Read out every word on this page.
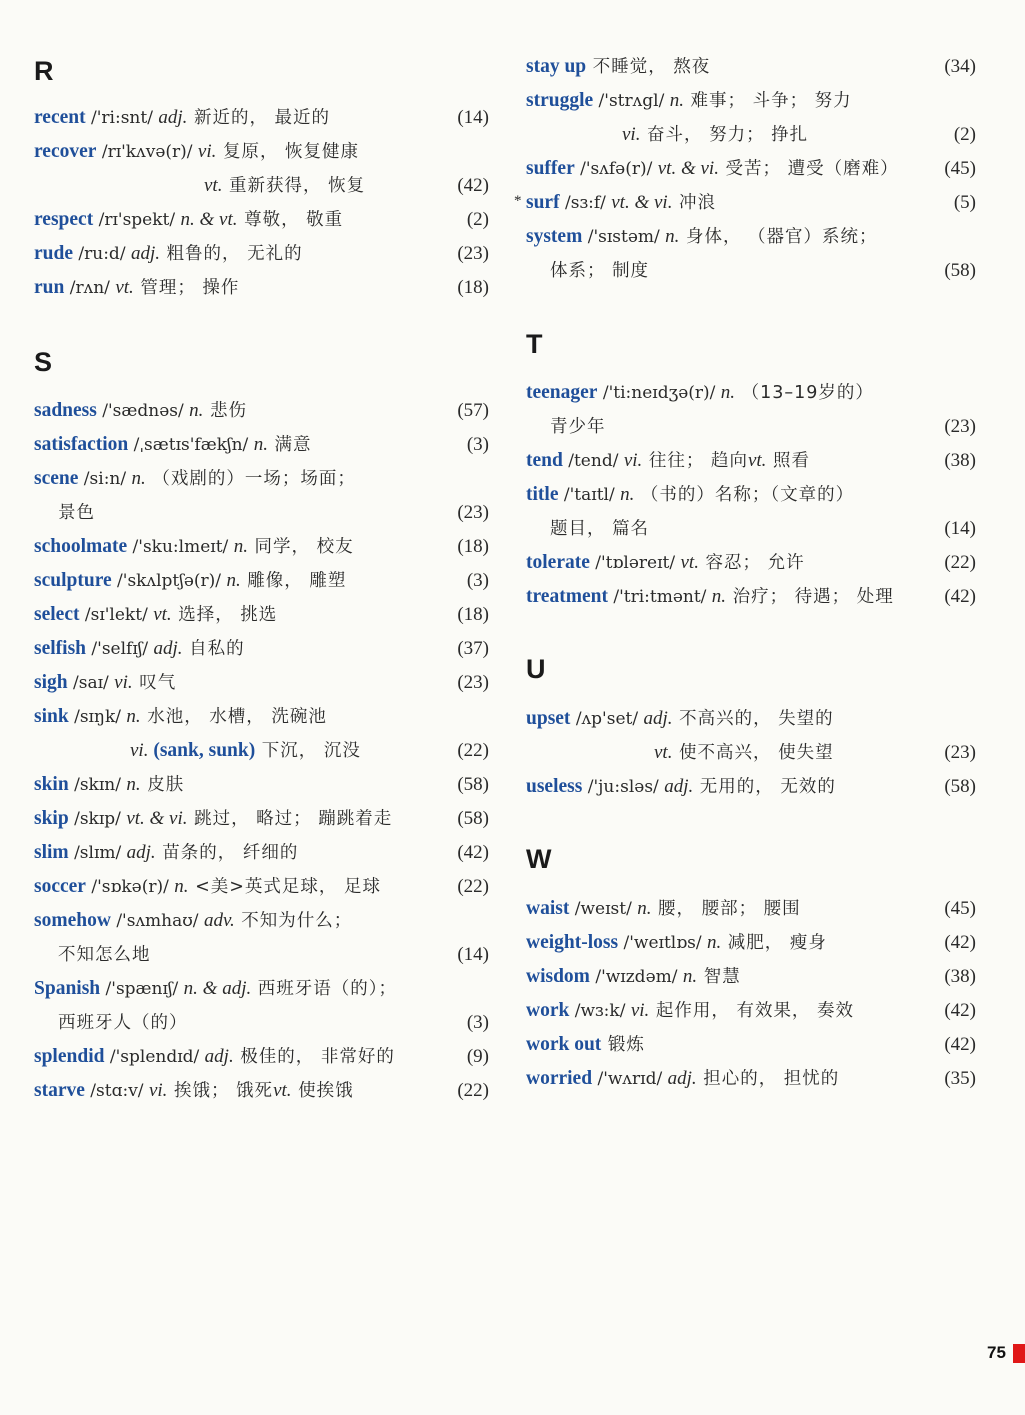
R
recent /'ri:snt/ adj. 新近的， 最近的	(14)
recover /rɪ'kʌvə(r)/ vi. 复原， 恢复健康
vt. 重新获得， 恢复	(42)
respect /rɪ'spekt/ n. & vt. 尊敬， 敬重	(2)
rude /ru:d/ adj. 粗鲁的， 无礼的	(23)
run /rʌn/ vt. 管理； 操作	(18)
S
sadness /'sædnəs/ n. 悲伤	(57)
satisfaction /ˌsætɪs'fækʃn/ n. 满意	(3)
scene /si:n/ n. （戏剧的）一场；场面；
景色	(23)
schoolmate /'sku:lmeɪt/ n. 同学， 校友	(18)
sculpture /'skʌlptʃə(r)/ n. 雕像， 雕塑	(3)
select /sɪ'lekt/ vt. 选择， 挑选	(18)
selfish /'selfɪʃ/ adj. 自私的	(37)
sigh /saɪ/ vi. 叹气	(23)
sink /sɪŋk/ n. 水池， 水槽， 洗碗池
vi. (sank, sunk) 下沉， 沉没	(22)
skin /skɪn/ n. 皮肤	(58)
skip /skɪp/ vt. & vi. 跳过， 略过； 蹦跳着走	(58)
slim /slɪm/ adj. 苗条的， 纤细的	(42)
soccer /'sɒkə(r)/ n. <美>英式足球， 足球	(22)
somehow /'sʌmhaʊ/ adv. 不知为什么；
不知怎么地	(14)
Spanish /'spænɪʃ/ n. & adj. 西班牙语（的）；
西班牙人（的）	(3)
splendid /'splendɪd/ adj. 极佳的， 非常好的	(9)
starve /stɑ:v/ vi. 挨饿； 饿死vt. 使挨饿	(22)
stay up 不睡觉， 熬夜	(34)
struggle /'strʌgl/ n. 难事； 斗争； 努力
vi. 奋斗， 努力； 挣扎	(2)
suffer /'sʌfə(r)/ vt. & vi. 受苦； 遭受（磨难） (45)
* surf /sɜ:f/ vt. & vi. 冲浪	(5)
system /'sɪstəm/ n. 身体， （器官）系统；
体系； 制度	(58)
T
teenager /'ti:neɪdʒə(r)/ n. （13–19岁的）
青少年	(23)
tend /tend/ vi. 往往； 趋向vt. 照看	(38)
title /'taɪtl/ n. （书的）名称；（文章的）
题目， 篇名	(14)
tolerate /'tɒləreɪt/ vt. 容忍； 允许	(22)
treatment /'tri:tmənt/ n. 治疗； 待遇； 处理	(42)
U
upset /ʌp'set/ adj. 不高兴的， 失望的
vt. 使不高兴， 使失望	(23)
useless /'ju:sləs/ adj. 无用的， 无效的	(58)
W
waist /weɪst/ n. 腰， 腰部； 腰围	(45)
weight-loss /'weɪtlɒs/ n. 减肥， 瘦身	(42)
wisdom /'wɪzdəm/ n. 智慧	(38)
work /wɜ:k/ vi. 起作用， 有效果， 奏效	(42)
work out 锻炼	(42)
worried /'wʌrɪd/ adj. 担心的， 担忧的	(35)
75
